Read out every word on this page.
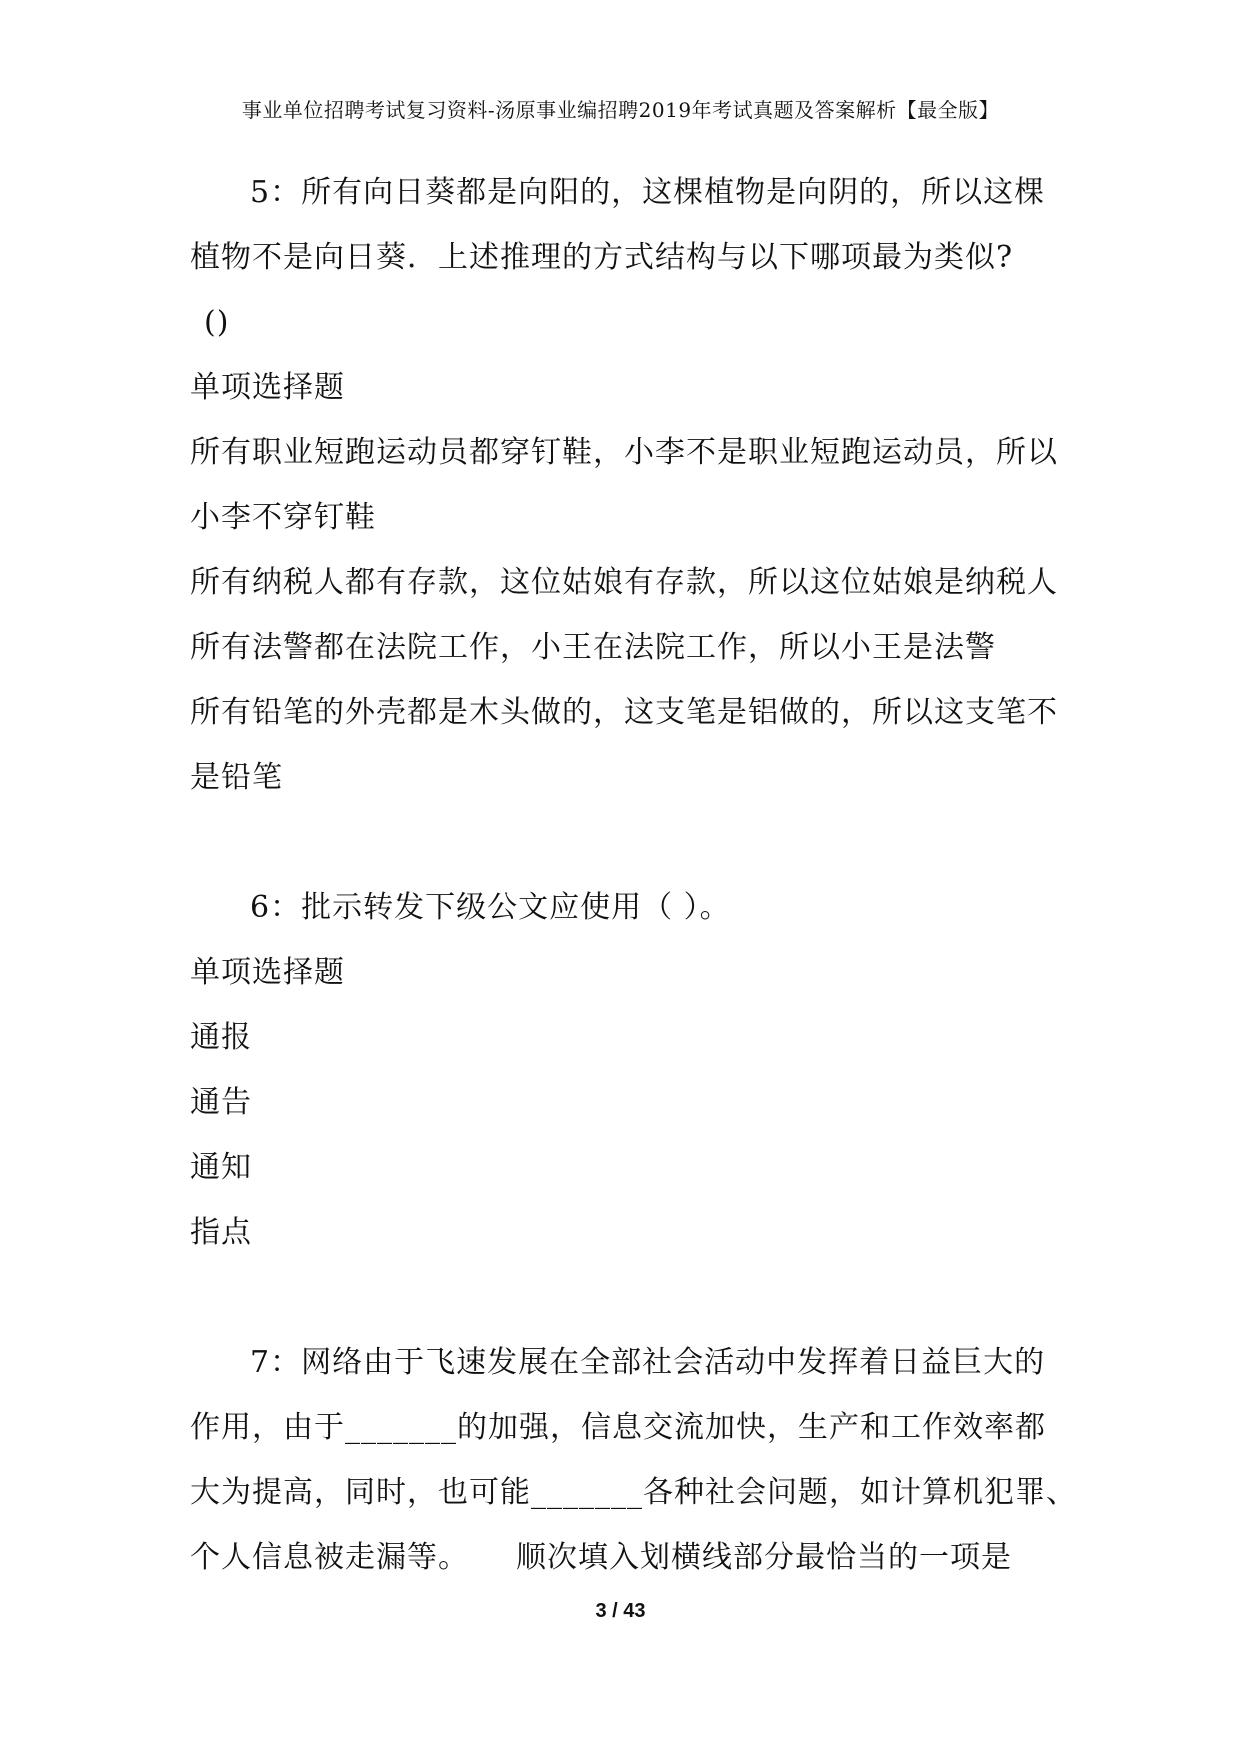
事业单位招聘考试复习资料-汤原事业编招聘2019年考试真题及答案解析【最全版】
5：所有向日葵都是向阳的，这棵植物是向阴的，所以这棵
植物不是向日葵．上述推理的方式结构与以下哪项最为类似?
()
单项选择题
所有职业短跑运动员都穿钉鞋，小李不是职业短跑运动员，所以
小李不穿钉鞋
所有纳税人都有存款，这位姑娘有存款，所以这位姑娘是纳税人
所有法警都在法院工作，小王在法院工作，所以小王是法警
所有铅笔的外壳都是木头做的，这支笔是铝做的，所以这支笔不
是铅笔
6：批示转发下级公文应使用（ ）。
单项选择题
通报
通告
通知
指点
7：网络由于飞速发展在全部社会活动中发挥着日益巨大的
作用，由于_______的加强，信息交流加快，生产和工作效率都
大为提高，同时，也可能_______各种社会问题，如计算机犯罪、
个人信息被走漏等。　　顺次填入划横线部分最恰当的一项是
3 / 43
